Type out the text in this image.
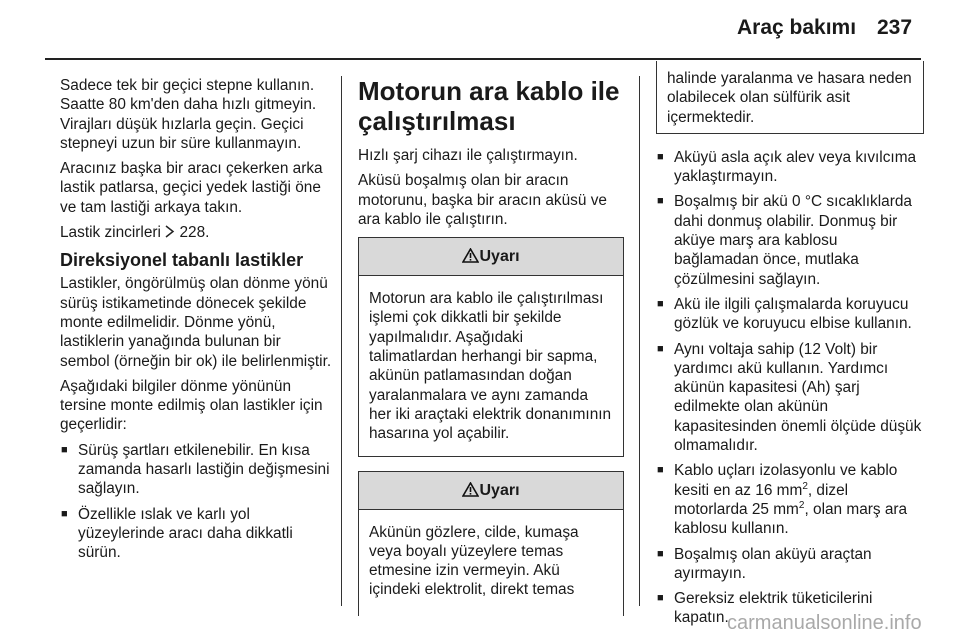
Araç bakımı 237

Sadece tek bir geçici stepne kullanın. Saatte 80 km'den daha hızlı gitmeyin. Virajları düşük hızlarla geçin. Geçici stepneyi uzun bir süre kullanmayın.

Aracınız başka bir aracı çekerken arka lastik patlarsa, geçici yedek lastiği öne ve tam lastiği arkaya takın.

Lastik zincirleri 228.

Direksiyonel tabanlı lastikler

Lastikler, öngörülmüş olan dönme yönü sürüş istikametinde dönecek şekilde monte edilmelidir. Dönme yönü, lastiklerin yanağında bulunan bir sembol (örneğin bir ok) ile belirlenmiştir.

Aşağıdaki bilgiler dönme yönünün tersine monte edilmiş olan lastikler için geçerlidir:

■ Sürüş şartları etkilenebilir. En kısa zamanda hasarlı lastiğin değişmesini sağlayın.
■ Özellikle ıslak ve karlı yol yüzeylerinde aracı daha dikkatli sürün.
Motorun ara kablo ile çalıştırılması

Hızlı şarj cihazı ile çalıştırmayın.

Aküsü boşalmış olan bir aracın motorunu, başka bir aracın aküsü ve ara kablo ile çalıştırın.

Uyarı
Motorun ara kablo ile çalıştırılması işlemi çok dikkatli bir şekilde yapılmalıdır. Aşağıdaki talimatlardan herhangi bir sapma, akünün patlamasından doğan yaralanmalara ve aynı zamanda her iki araçtaki elektrik donanımının hasarına yol açabilir.
Uyarı
Akünün gözlere, cilde, kumaşa veya boyalı yüzeylere temas etmesine izin vermeyin. Akü içindeki elektrolit, direkt temas
halinde yaralanma ve hasara neden olabilecek olan sülfürik asit içermektedir.
■ Aküyü asla açık alev veya kıvılcıma yaklaştırmayın.
■ Boşalmış bir akü 0 °C sıcaklıklarda dahi donmuş olabilir. Donmuş bir aküye marş ara kablosu bağlamadan önce, mutlaka çözülmesini sağlayın.
■ Akü ile ilgili çalışmalarda koruyucu gözlük ve koruyucu elbise kullanın.
■ Aynı voltaja sahip (12 Volt) bir yardımcı akü kullanın. Yardımcı akünün kapasitesi (Ah) şarj edilmekte olan akünün kapasitesinden önemli ölçüde düşük olmamalıdır.
■ Kablo uçları izolasyonlu ve kablo kesiti en az 16 $mm^2$, dizel motorlarda 25 $mm^2$, olan marş ara kablosu kullanın.
■ Boşalmış olan aküyü araçtan ayırmayın.
■ Gereksiz elektrik tüketicilerini kapatın.
carmanualsonline.info
